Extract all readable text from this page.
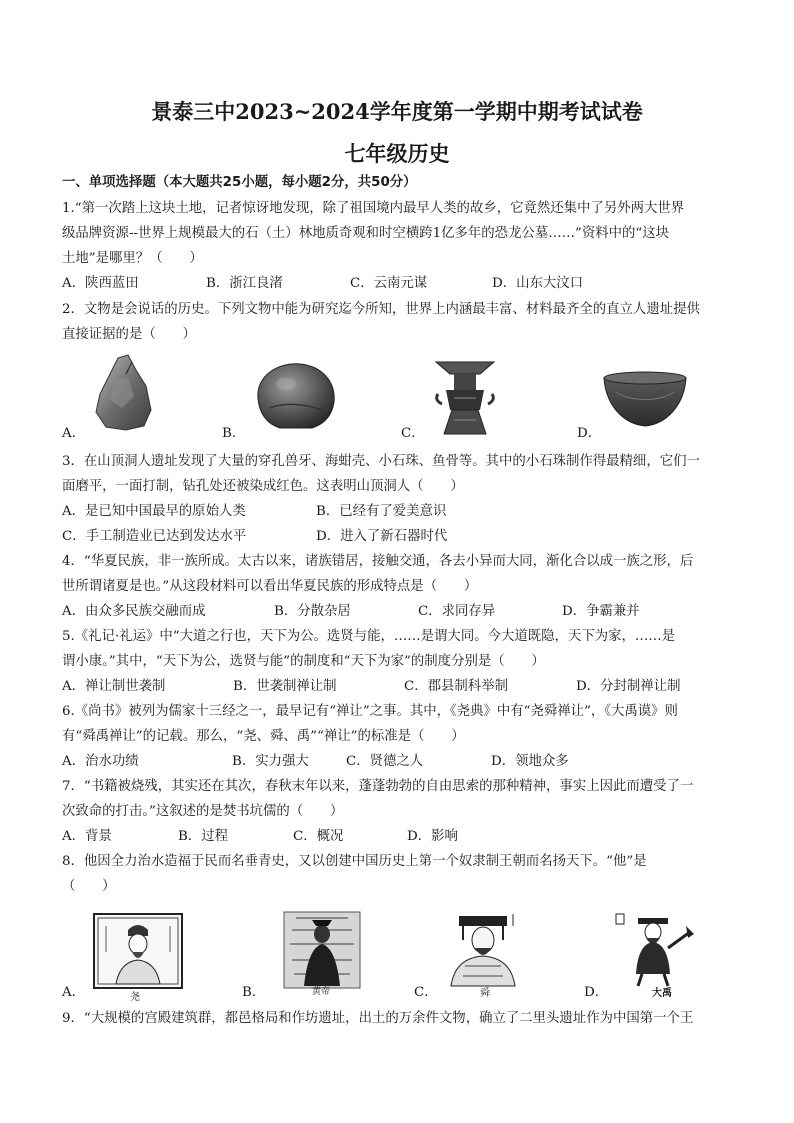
景泰三中2023~2024学年度第一学期中期考试试卷
七年级历史
一、单项选择题（本大题共25小题，每小题2分，共50分）
1.“第一次踏上这块土地，记者惊讶地发现，除了祖国境内最早人类的故乡，它竟然还集中了另外两大世界
级品牌资源--世界上规模最大的石（土）林地质奇观和时空横跨1亿多年的恐龙公墓……”资料中的“这块
土地”是哪里？（　　）
A．陕西蓝田	B．浙江良渚	C．云南元谋	D．山东大汶口
2．文物是会说话的历史。下列文物中能为研究迄今所知，世界上内涵最丰富、材料最齐全的直立人遗址提供
直接证据的是（　　）
A．	B．	C．	D．
3．在山顶洞人遗址发现了大量的穿孔兽牙、海蚶壳、小石珠、鱼骨等。其中的小石珠制作得最精细，它们一
面磨平，一面打制，钻孔处还被染成红色。这表明山顶洞人（　　）
A．是已知中国最早的原始人类	B．已经有了爱美意识
C．手工制造业已达到发达水平	D．进入了新石器时代
4．“华夏民族，非一族所成。太古以来，诸族错居，接触交通，各去小异而大同，渐化合以成一族之形，后
世所谓诸夏是也。”从这段材料可以看出华夏民族的形成特点是（　　）
A．由众多民族交融而成	B．分散杂居	C．求同存异	D．争霸兼并
5.《礼记·礼运》中“大道之行也，天下为公。选贤与能，……是谓大同。今大道既隐，天下为家，……是
谓小康。”其中，“天下为公，选贤与能”的制度和“天下为家”的制度分别是（　　）
A．禅让制世袭制	B．世袭制禅让制	C．郡县制科举制	D．分封制禅让制
6.《尚书》被列为儒家十三经之一，最早记有“禅让”之事。其中，《尧典》中有“尧舜禅让”，《大禹谟》则
有“舜禹禅让”的记载。那么，“尧、舜、禹”“禅让”的标准是（　　）
A．治水功绩	B．实力强大	C．贤德之人	D．领地众多
7．“书籍被烧残，其实还在其次，春秋末年以来，蓬蓬勃勃的自由思索的那种精神，事实上因此而遭受了一
次致命的打击。”这叙述的是焚书坑儒的（　　）
A．背景	B．过程	C．概况	D．影响
8．他因全力治水造福于民而名垂青史，又以创建中国历史上第一个奴隶制王朝而名扬天下。“他”是
（　　）
尧	黄帝	舜	大禹
A．	B．	C．	D．
9．“大规模的宫殿建筑群，都邑格局和作坊遗址，出土的万余件文物，确立了二里头遗址作为中国第一个王
